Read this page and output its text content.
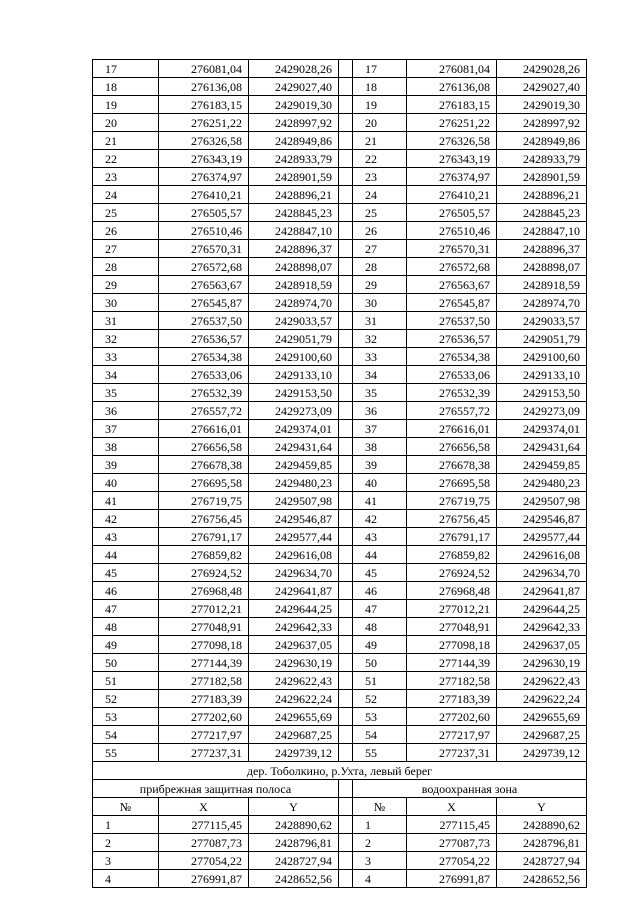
17	276081,04	2429028,26		17	276081,04	2429028,26
18	276136,08	2429027,40		18	276136,08	2429027,40
19	276183,15	2429019,30		19	276183,15	2429019,30
20	276251,22	2428997,92		20	276251,22	2428997,92
21	276326,58	2428949,86		21	276326,58	2428949,86
22	276343,19	2428933,79		22	276343,19	2428933,79
23	276374,97	2428901,59		23	276374,97	2428901,59
24	276410,21	2428896,21		24	276410,21	2428896,21
25	276505,57	2428845,23		25	276505,57	2428845,23
26	276510,46	2428847,10		26	276510,46	2428847,10
27	276570,31	2428896,37		27	276570,31	2428896,37
28	276572,68	2428898,07		28	276572,68	2428898,07
29	276563,67	2428918,59		29	276563,67	2428918,59
30	276545,87	2428974,70		30	276545,87	2428974,70
31	276537,50	2429033,57		31	276537,50	2429033,57
32	276536,57	2429051,79		32	276536,57	2429051,79
33	276534,38	2429100,60		33	276534,38	2429100,60
34	276533,06	2429133,10		34	276533,06	2429133,10
35	276532,39	2429153,50		35	276532,39	2429153,50
36	276557,72	2429273,09		36	276557,72	2429273,09
37	276616,01	2429374,01		37	276616,01	2429374,01
38	276656,58	2429431,64		38	276656,58	2429431,64
39	276678,38	2429459,85		39	276678,38	2429459,85
40	276695,58	2429480,23		40	276695,58	2429480,23
41	276719,75	2429507,98		41	276719,75	2429507,98
42	276756,45	2429546,87		42	276756,45	2429546,87
43	276791,17	2429577,44		43	276791,17	2429577,44
44	276859,82	2429616,08		44	276859,82	2429616,08
45	276924,52	2429634,70		45	276924,52	2429634,70
46	276968,48	2429641,87		46	276968,48	2429641,87
47	277012,21	2429644,25		47	277012,21	2429644,25
48	277048,91	2429642,33		48	277048,91	2429642,33
49	277098,18	2429637,05		49	277098,18	2429637,05
50	277144,39	2429630,19		50	277144,39	2429630,19
51	277182,58	2429622,43		51	277182,58	2429622,43
52	277183,39	2429622,24		52	277183,39	2429622,24
53	277202,60	2429655,69		53	277202,60	2429655,69
54	277217,97	2429687,25		54	277217,97	2429687,25
55	277237,31	2429739,12		55	277237,31	2429739,12
дер. Тоболкино, р.Ухта, левый берег						
прибрежная защитная полоса				водоохранная зона		
№	X	Y		№	X	Y
1	277115,45	2428890,62		1	277115,45	2428890,62
2	277087,73	2428796,81		2	277087,73	2428796,81
3	277054,22	2428727,94		3	277054,22	2428727,94
4	276991,87	2428652,56		4	276991,87	2428652,56
